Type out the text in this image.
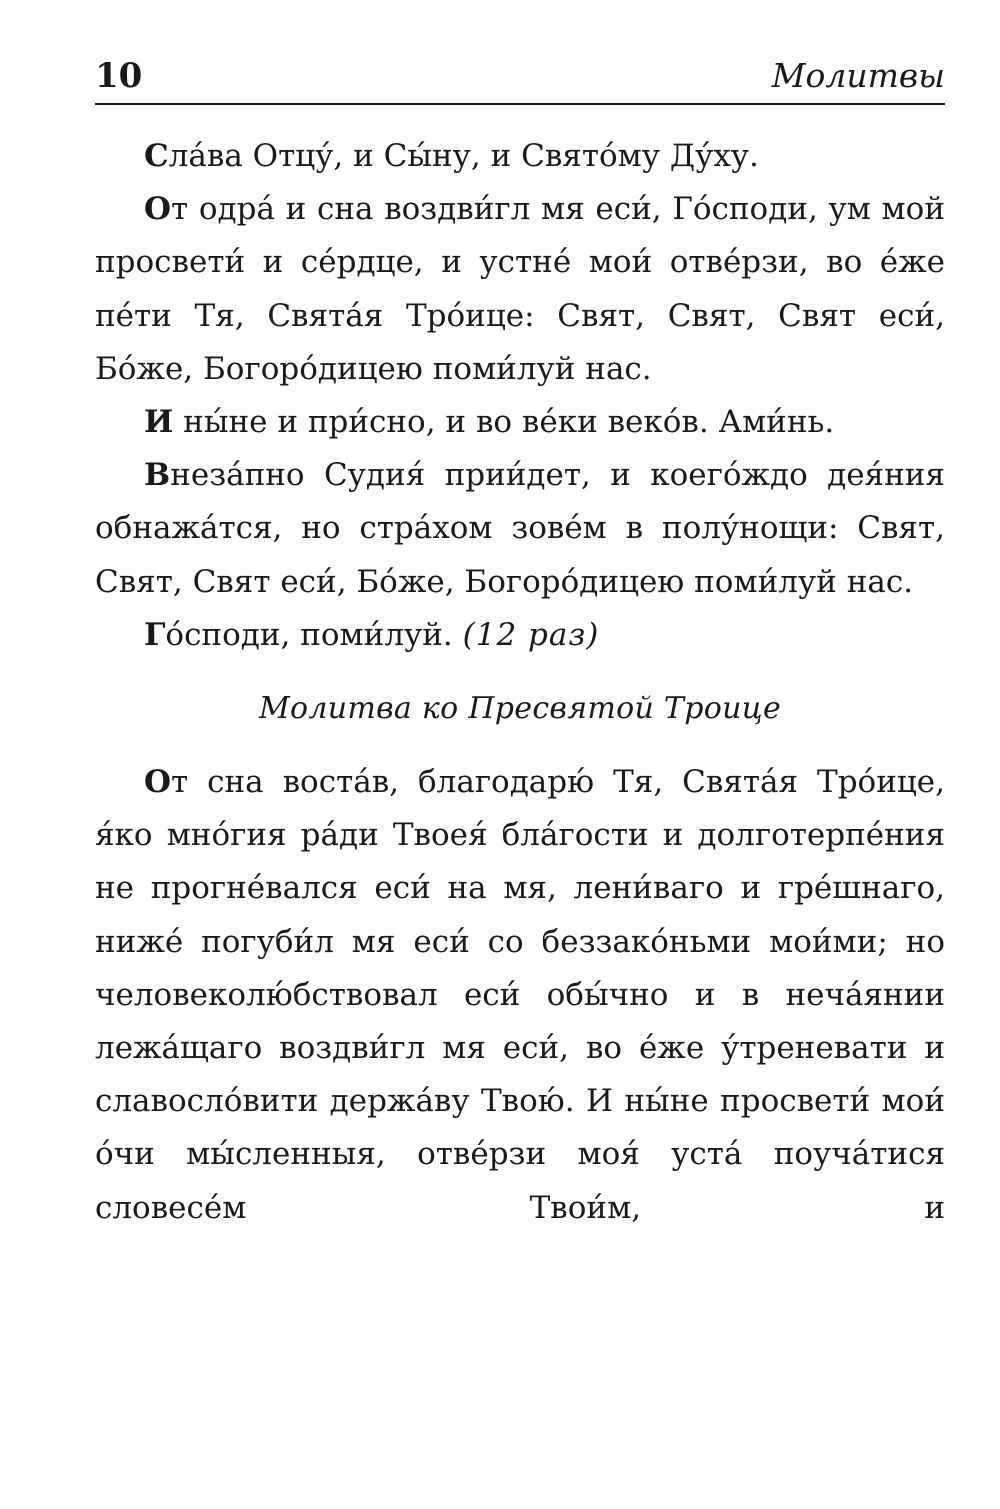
10	Молитвы

Сла́ва Отцу́, и Сы́ну, и Свято́му Ду́ху.

От одра́ и сна воздви́гл мя еси́, Го́споди, ум мой просвети́ и се́рдце, и устне́ мои́ отве́рзи, во е́же пе́ти Тя, Свята́я Тро́ице: Свят, Свят, Свят еси́, Бо́же, Богоро́дицею поми́луй нас.

И ны́не и при́сно, и во ве́ки веко́в. Ами́нь.

Внеза́пно Судия́ прии́дет, и коего́ждо дея́ния обнажа́тся, но стра́хом зове́м в полу́нощи: Свят, Свят, Свят еси́, Бо́же, Богоро́дицею поми́луй нас.

Го́споди, поми́луй. (12 раз)

Молитва ко Пресвятой Троице

От сна воста́в, благодарю́ Тя, Свята́я Тро́ице, я́ко мно́гия ра́ди Твоея́ бла́гости и долготерпе́ния не прогне́вался еси́ на мя, лени́ваго и гре́шнаго, ниже́ погуби́л мя еси́ со беззако́ньми мои́ми; но человеколю́бствовал еси́ обы́чно и в неча́янии лежа́щаго воздви́гл мя еси́, во е́же у́треневати и славосло́вити держа́ву Твою́. И ны́не просвети́ мои́ о́чи мы́сленныя, отве́рзи моя́ уста́ поуча́тися словесе́м Твои́м, и
